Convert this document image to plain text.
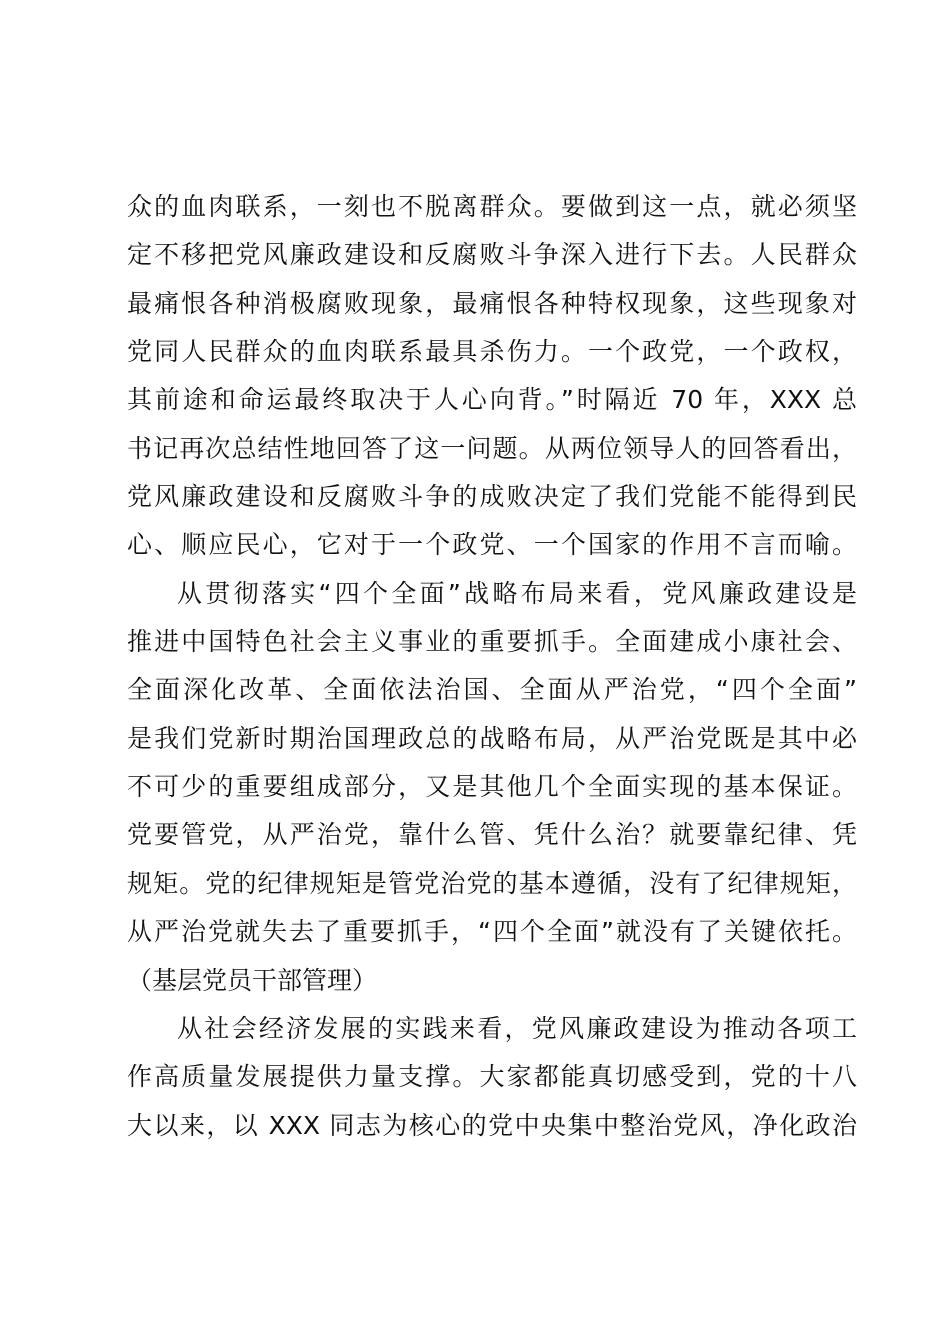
众的血肉联系，一刻也不脱离群众。要做到这一点，就必须坚
定不移把党风廉政建设和反腐败斗争深入进行下去。人民群众
最痛恨各种消极腐败现象，最痛恨各种特权现象，这些现象对
党同人民群众的血肉联系最具杀伤力。一个政党，一个政权，
其前途和命运最终取决于人心向背。”时隔近 70 年，XXX 总
书记再次总结性地回答了这一问题。从两位领导人的回答看出，
党风廉政建设和反腐败斗争的成败决定了我们党能不能得到民
心、顺应民心，它对于一个政党、一个国家的作用不言而喻。
从贯彻落实“四个全面”战略布局来看，党风廉政建设是
推进中国特色社会主义事业的重要抓手。全面建成小康社会、
全面深化改革、全面依法治国、全面从严治党，“四个全面”
是我们党新时期治国理政总的战略布局，从严治党既是其中必
不可少的重要组成部分，又是其他几个全面实现的基本保证。
党要管党，从严治党，靠什么管、凭什么治？就要靠纪律、凭
规矩。党的纪律规矩是管党治党的基本遵循，没有了纪律规矩，
从严治党就失去了重要抓手，“四个全面”就没有了关键依托。
（基层党员干部管理）
从社会经济发展的实践来看，党风廉政建设为推动各项工
作高质量发展提供力量支撑。大家都能真切感受到，党的十八
大以来，以 XXX 同志为核心的党中央集中整治党风，净化政治
